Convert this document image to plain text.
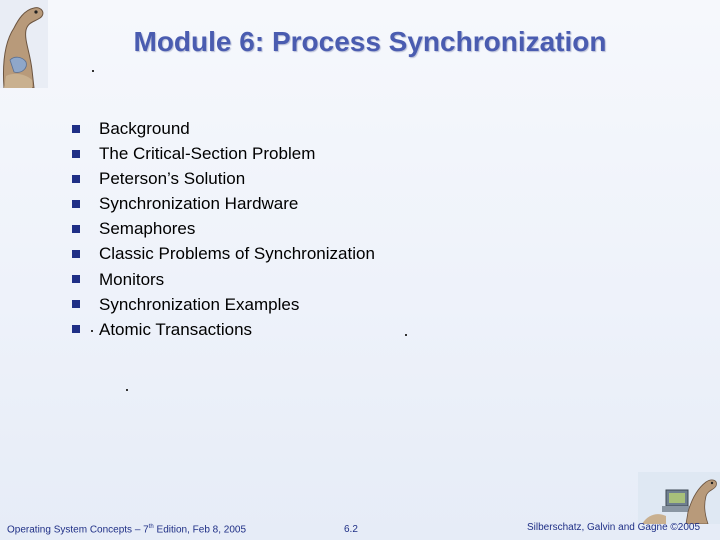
Module 6: Process Synchronization
Background
The Critical-Section Problem
Peterson’s Solution
Synchronization Hardware
Semaphores
Classic Problems of Synchronization
Monitors
Synchronization Examples
Atomic Transactions
Operating System Concepts – 7th Edition, Feb 8, 2005	6.2	Silberschatz, Galvin and Gagne ©2005
